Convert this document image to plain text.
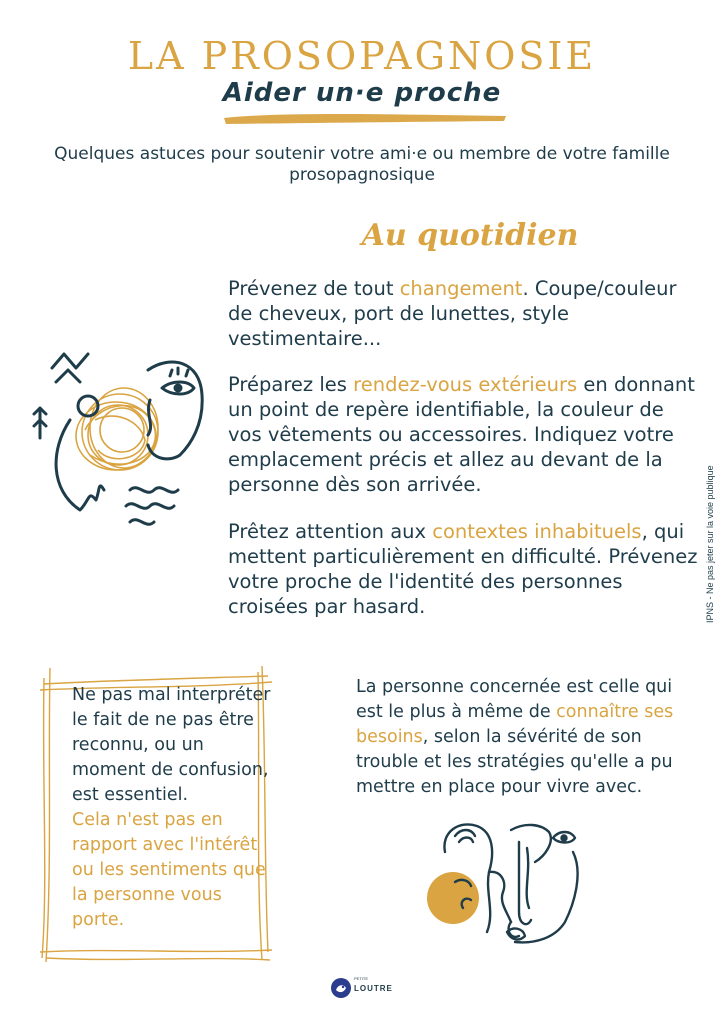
LA PROSOPAGNOSIE
Aider un·e proche
Quelques astuces pour soutenir votre ami·e ou membre de votre famille prosopagnosique
Au quotidien
Prévenez de tout changement. Coupe/couleur de cheveux, port de lunettes, style vestimentaire...
Préparez les rendez-vous extérieurs en donnant un point de repère identifiable, la couleur de vos vêtements ou accessoires. Indiquez votre emplacement précis et allez au devant de la personne dès son arrivée.
Prêtez attention aux contextes inhabituels, qui mettent particulièrement en difficulté. Prévenez votre proche de l'identité des personnes croisées par hasard.	IPNS - Ne pas jeter sur la voie publique
Ne pas mal interpréter le fait de ne pas être reconnu, ou un moment de confusion, est essentiel.
Cela n'est pas en rapport avec l'intérêt ou les sentiments que la personne vous porte.
La personne concernée est celle qui est le plus à même de connaître ses besoins, selon la sévérité de son trouble et les stratégies qu'elle a pu mettre en place pour vivre avec.
PETITE
LOUTRE
